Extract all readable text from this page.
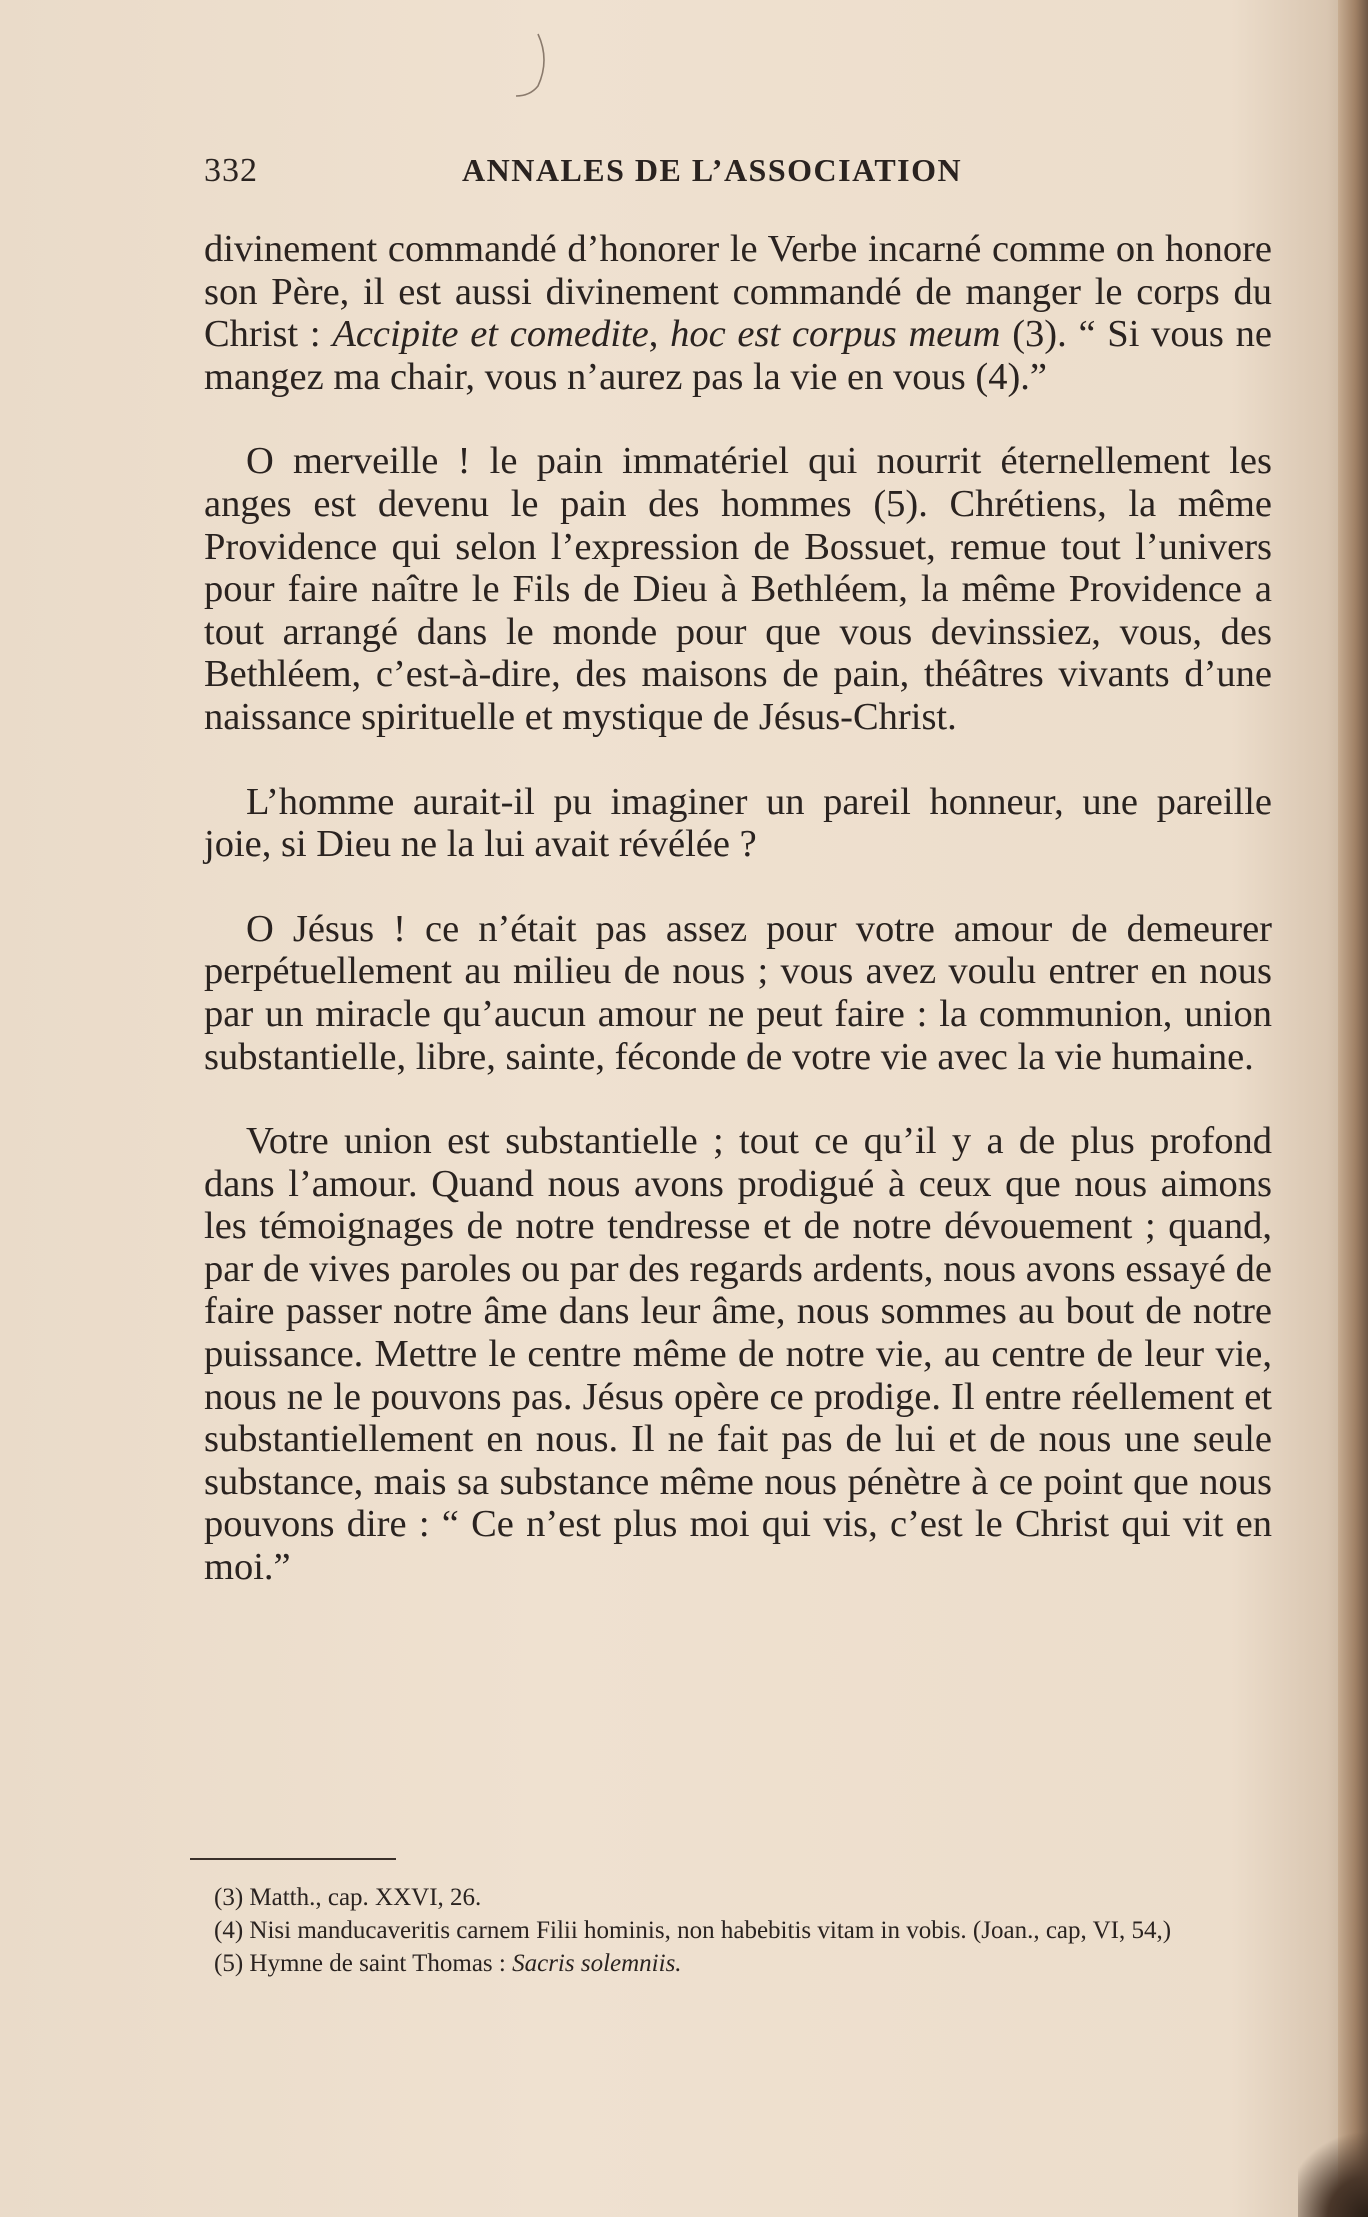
332	ANNALES DE L’ASSOCIATION

divinement commandé d’honorer le Verbe incarné comme on honore son Père, il est aussi divinement commandé de manger le corps du Christ : Accipite et comedite, hoc est corpus meum (3). “ Si vous ne mangez ma chair, vous n’aurez pas la vie en vous (4).”

O merveille ! le pain immatériel qui nourrit éternellement les anges est devenu le pain des hommes (5). Chrétiens, la même Providence qui selon l’expression de Bossuet, remue tout l’univers pour faire naître le Fils de Dieu à Bethléem, la même Providence a tout arrangé dans le monde pour que vous devinssiez, vous, des Bethléem, c’est-à-dire, des maisons de pain, théâtres vivants d’une naissance spirituelle et mystique de Jésus-Christ.

L’homme aurait-il pu imaginer un pareil honneur, une pareille joie, si Dieu ne la lui avait révélée ?

O Jésus ! ce n’était pas assez pour votre amour de demeurer perpétuellement au milieu de nous ; vous avez voulu entrer en nous par un miracle qu’aucun amour ne peut faire : la communion, union substantielle, libre, sainte, féconde de votre vie avec la vie humaine.

Votre union est substantielle ; tout ce qu’il y a de plus profond dans l’amour. Quand nous avons prodigué à ceux que nous aimons les témoignages de notre tendresse et de notre dévouement ; quand, par de vives paroles ou par des regards ardents, nous avons essayé de faire passer notre âme dans leur âme, nous sommes au bout de notre puissance. Mettre le centre même de notre vie, au centre de leur vie, nous ne le pouvons pas. Jésus opère ce prodige. Il entre réellement et substantiellement en nous. Il ne fait pas de lui et de nous une seule substance, mais sa substance même nous pénètre à ce point que nous pouvons dire : “ Ce n’est plus moi qui vis, c’est le Christ qui vit en moi.”

(3) Matth., cap. XXVI, 26.

(4) Nisi manducaveritis carnem Filii hominis, non habebitis vitam in vobis. (Joan., cap, VI, 54,)

(5) Hymne de saint Thomas : Sacris solemniis.
